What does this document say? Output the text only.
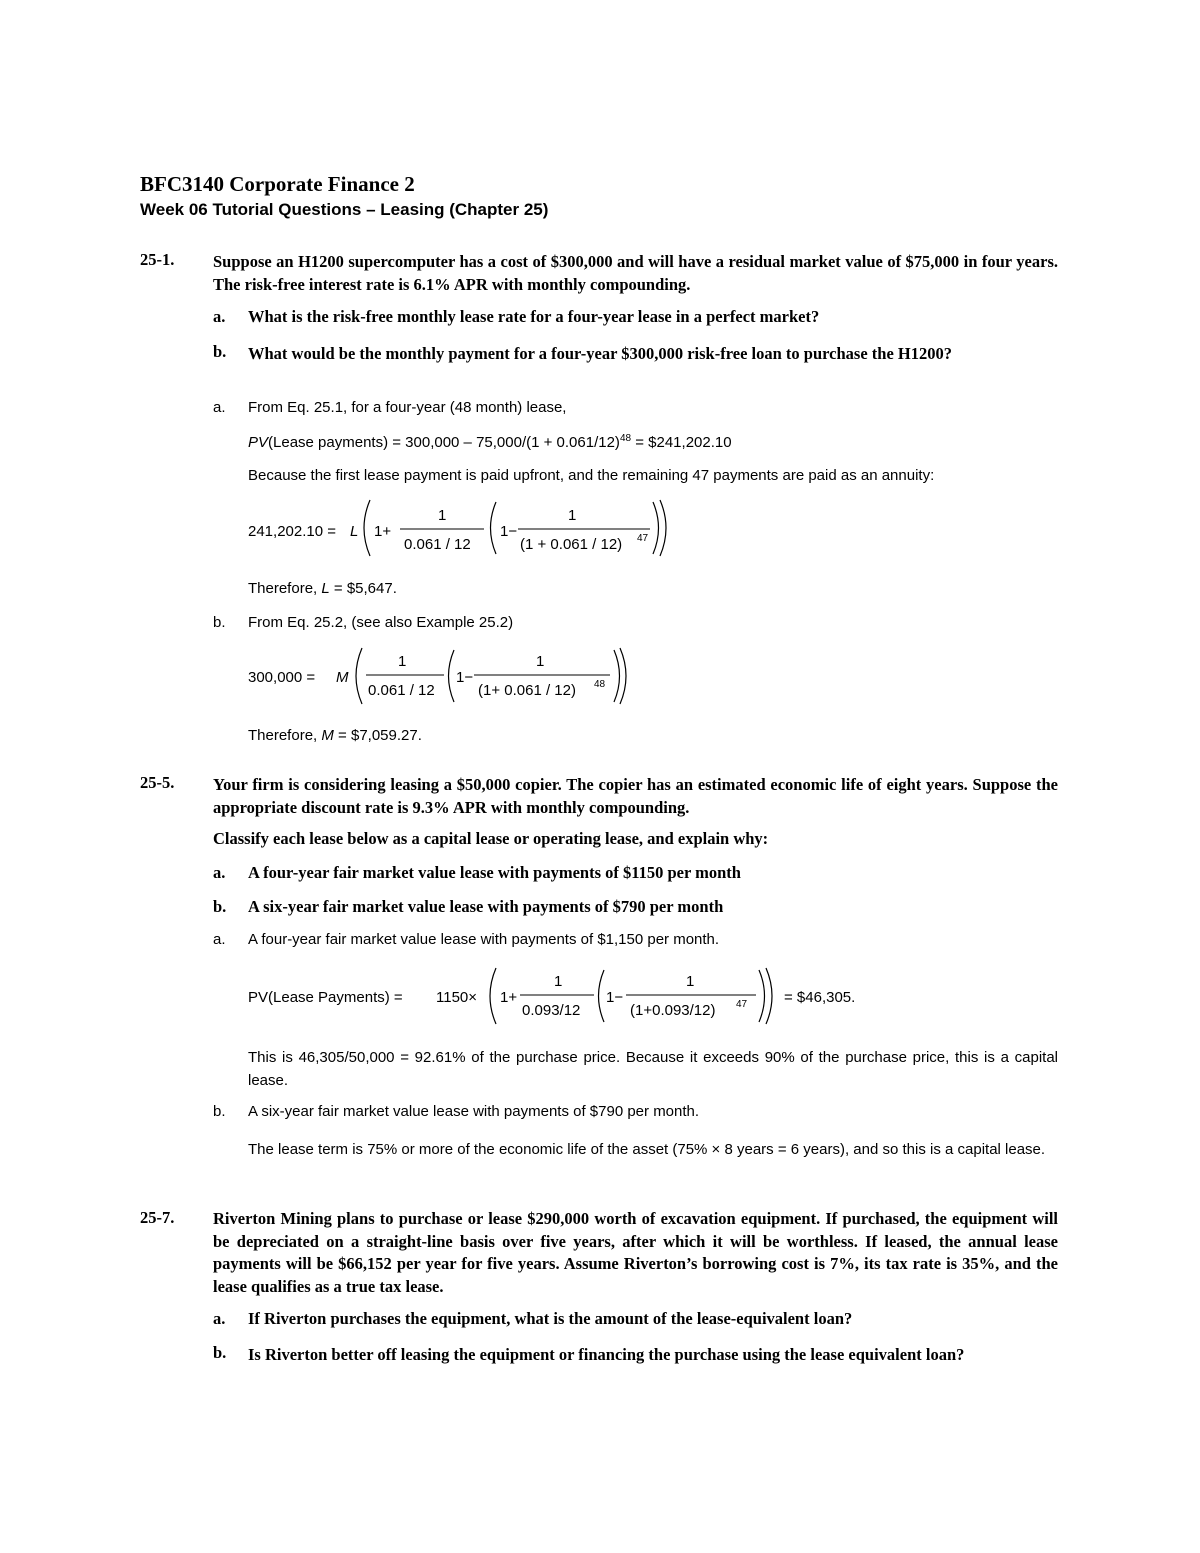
BFC3140 Corporate Finance 2
Week 06 Tutorial Questions – Leasing (Chapter 25)
25-1. Suppose an H1200 supercomputer has a cost of $300,000 and will have a residual market value of $75,000 in four years. The risk-free interest rate is 6.1% APR with monthly compounding.
a. What is the risk-free monthly lease rate for a four-year lease in a perfect market?
b. What would be the monthly payment for a four-year $300,000 risk-free loan to purchase the H1200?
a. From Eq. 25.1, for a four-year (48 month) lease,
PV(Lease payments) = $300,000 - 75,000/(1 + 0.061/12)^{48}$ = $241,202.10
Because the first lease payment is paid upfront, and the remaining 47 payments are paid as an annuity:
241,202.10 = L 1+
1
0.061 / 12
1−
1
(1 + 0.061 / 12) 47
Therefore, L = $5,647.
b. From Eq. 25.2, (see also Example 25.2)
300,000 = M
1
0.061 / 12
1−
1
(1+ 0.061 / 12) 48
Therefore, M = $7,059.27.
25-5. Your firm is considering leasing a $50,000 copier. The copier has an estimated economic life of eight years. Suppose the appropriate discount rate is 9.3% APR with monthly compounding.
Classify each lease below as a capital lease or operating lease, and explain why:
a. A four-year fair market value lease with payments of $1150 per month
b. A six-year fair market value lease with payments of $790 per month
a. A four-year fair market value lease with payments of $1,150 per month.
PV(Lease Payments) = 1150× 1+
1
0.093/12
1−
1
(1+0.093/12) 47 = $46,305.
This is 46,305/50,000 = 92.61% of the purchase price. Because it exceeds 90% of the purchase price, this is a capital lease.
b. A six-year fair market value lease with payments of $790 per month.
The lease term is 75% or more of the economic life of the asset (75% × 8 years = 6 years), and so this is a capital lease.
25-7. Riverton Mining plans to purchase or lease $290,000 worth of excavation equipment. If purchased, the equipment will be depreciated on a straight-line basis over five years, after which it will be worthless. If leased, the annual lease payments will be $66,152 per year for five years. Assume Riverton’s borrowing cost is 7%, its tax rate is 35%, and the lease qualifies as a true tax lease.
a. If Riverton purchases the equipment, what is the amount of the lease-equivalent loan?
b. Is Riverton better off leasing the equipment or financing the purchase using the lease equivalent loan?
